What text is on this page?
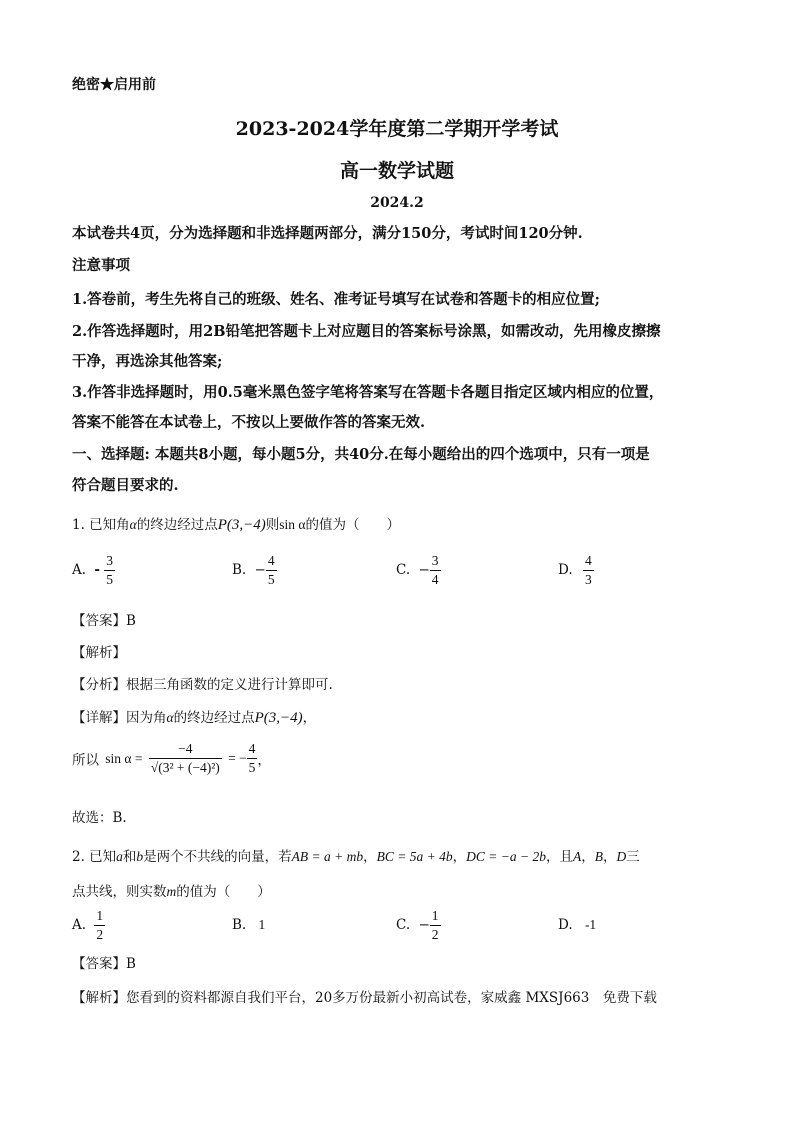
绝密★启用前
2023-2024学年度第二学期开学考试
高一数学试题
2024.2
本试卷共4页，分为选择题和非选择题两部分，满分150分，考试时间120分钟.
注意事项
1.答卷前，考生先将自己的班级、姓名、准考证号填写在试卷和答题卡的相应位置;
2.作答选择题时，用2B铅笔把答题卡上对应题目的答案标号涂黑，如需改动，先用橡皮擦擦
干净，再选涂其他答案;
3.作答非选择题时，用0.5毫米黑色签字笔将答案写在答题卡各题目指定区域内相应的位置，
答案不能答在本试卷上，不按以上要做作答的答案无效.
一、选择题: 本题共8小题，每小题5分，共40分.在每小题给出的四个选项中，只有一项是
符合题目要求的.
1. 已知角α的终边经过点P(3,−4)则sin α的值为（　　）
A. - $\frac{3}{5}$	B. − $\frac{4}{5}$	C. − $\frac{3}{4}$	D. $\frac{4}{3}$
【答案】B
【解析】
【分析】根据三角函数的定义进行计算即可.
【详解】因为角α的终边经过点P(3,−4)，
所以 $\sin \alpha = \frac{-4}{\text{√(3² + (−4)²)}}$ = − $\frac{4}{5}$ ，
故选：B.
2. 已知a和b是两个不共线的向量，若AB = a + mb，BC = 5a + 4b，DC = −a − 2b，且A，B，D三
点共线，则实数m的值为（　　）
A. $\frac{1}{2}$	B. 1	C. − $\frac{1}{2}$	D. -1
【答案】B
【解析】您看到的资料都源自我们平台，20多万份最新小初高试卷，家威鑫 MXSJ663　免费下载
